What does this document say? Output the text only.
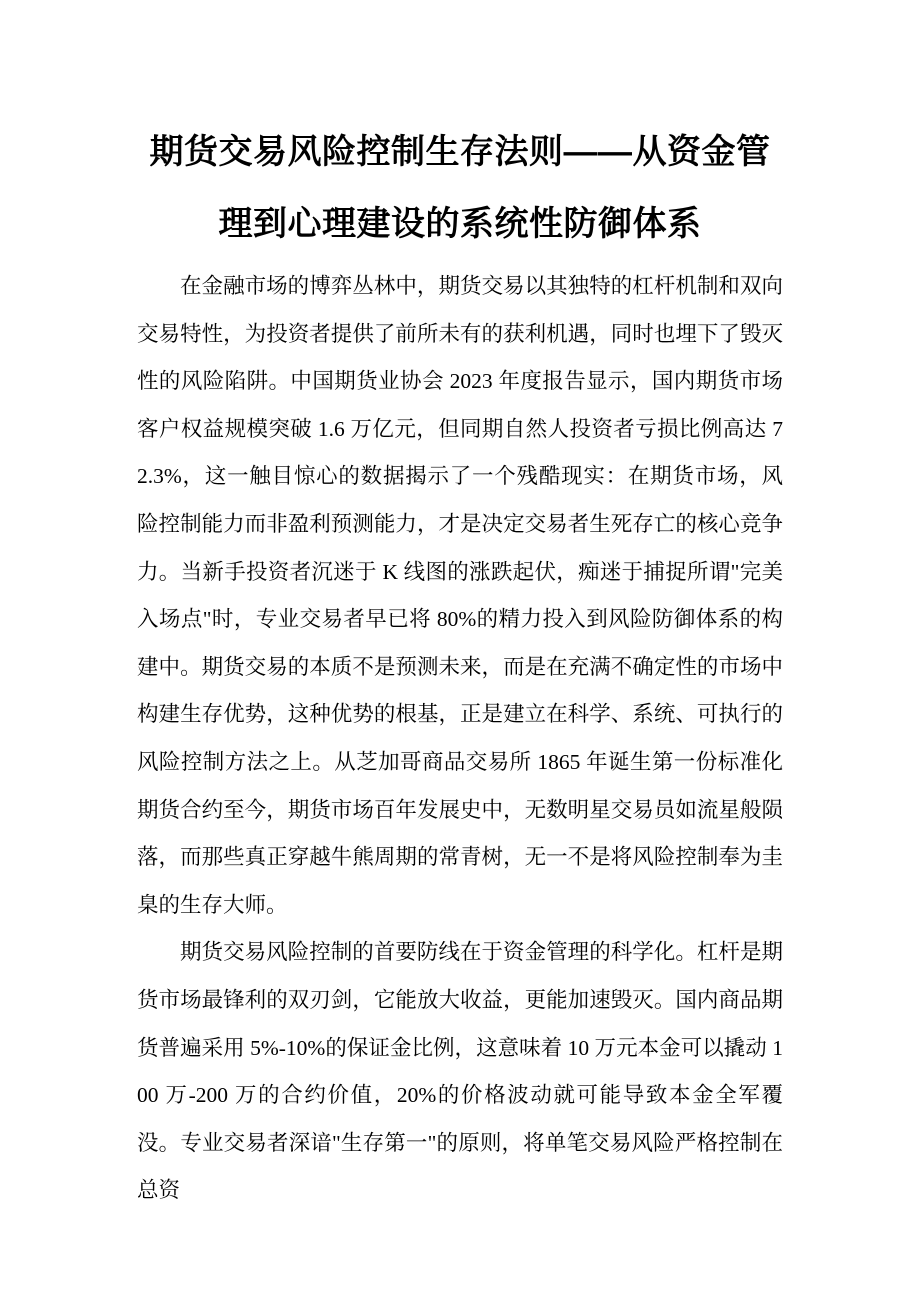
期货交易风险控制生存法则——从资金管
理到心理建设的系统性防御体系

在金融市场的博弈丛林中，期货交易以其独特的杠杆机制和双向交易特性，为投资者提供了前所未有的获利机遇，同时也埋下了毁灭性的风险陷阱。中国期货业协会 2023 年度报告显示，国内期货市场客户权益规模突破 1.6 万亿元，但同期自然人投资者亏损比例高达 72.3%，这一触目惊心的数据揭示了一个残酷现实：在期货市场，风险控制能力而非盈利预测能力，才是决定交易者生死存亡的核心竞争力。当新手投资者沉迷于 K 线图的涨跌起伏，痴迷于捕捉所谓"完美入场点"时，专业交易者早已将 80%的精力投入到风险防御体系的构建中。期货交易的本质不是预测未来，而是在充满不确定性的市场中构建生存优势，这种优势的根基，正是建立在科学、系统、可执行的风险控制方法之上。从芝加哥商品交易所 1865 年诞生第一份标准化期货合约至今，期货市场百年发展史中，无数明星交易员如流星般陨落，而那些真正穿越牛熊周期的常青树，无一不是将风险控制奉为圭臬的生存大师。

期货交易风险控制的首要防线在于资金管理的科学化。杠杆是期货市场最锋利的双刃剑，它能放大收益，更能加速毁灭。国内商品期货普遍采用 5%-10%的保证金比例，这意味着 10 万元本金可以撬动 100 万-200 万的合约价值，20%的价格波动就可能导致本金全军覆没。专业交易者深谙"生存第一"的原则，将单笔交易风险严格控制在总资
